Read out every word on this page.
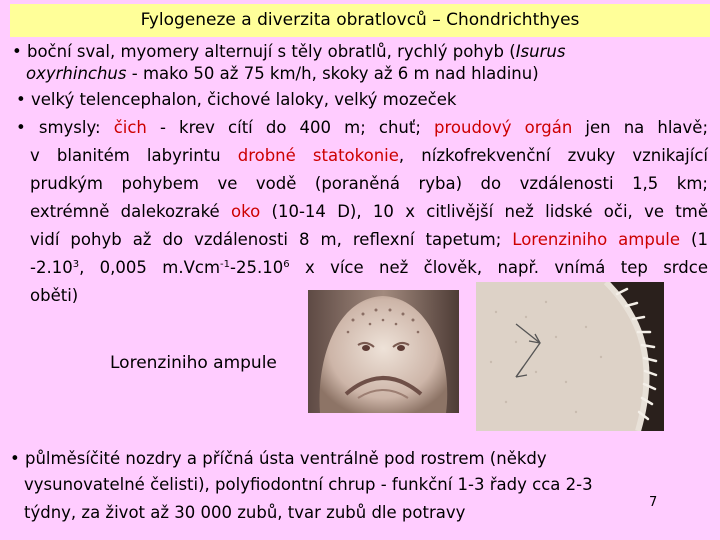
Fylogeneze a diverzita obratlovců – Chondrichthyes
• boční sval, myomery alternují s těly obratlů, rychlý pohyb (Isurus
oxyrhinchus - mako 50 až 75 km/h, skoky až 6 m nad hladinu)
• velký telencephalon, čichové laloky, velký mozeček
• smysly: čich - krev cítí do 400 m; chuť; proudový orgán jen na hlavě;
v blanitém labyrintu drobné statokonie, nízkofrekvenční zvuky vznikající
prudkým pohybem ve vodě (poraněná ryba) do vzdálenosti 1,5 km;
extrémně dalekozraké oko (10-14 D), 10 x citlivější než lidské oči, ve tmě
vidí pohyb až do vzdálenosti 8 m, reflexní tapetum; Lorenziniho ampule (1
-2.10$^3$, 0,005 m.Vcm$^{-1}$-25.10$^6$ x více než člověk, např. vnímá tep srdce
oběti)
Lorenziniho ampule
• půlměsíčité nozdry a příčná ústa ventrálně pod rostrem (někdy
vysunovatelné čelisti), polyfiodontní chrup - funkční 1-3 řady cca 2-3
týdny, za život až 30 000 zubů, tvar zubů dle potravy
7
